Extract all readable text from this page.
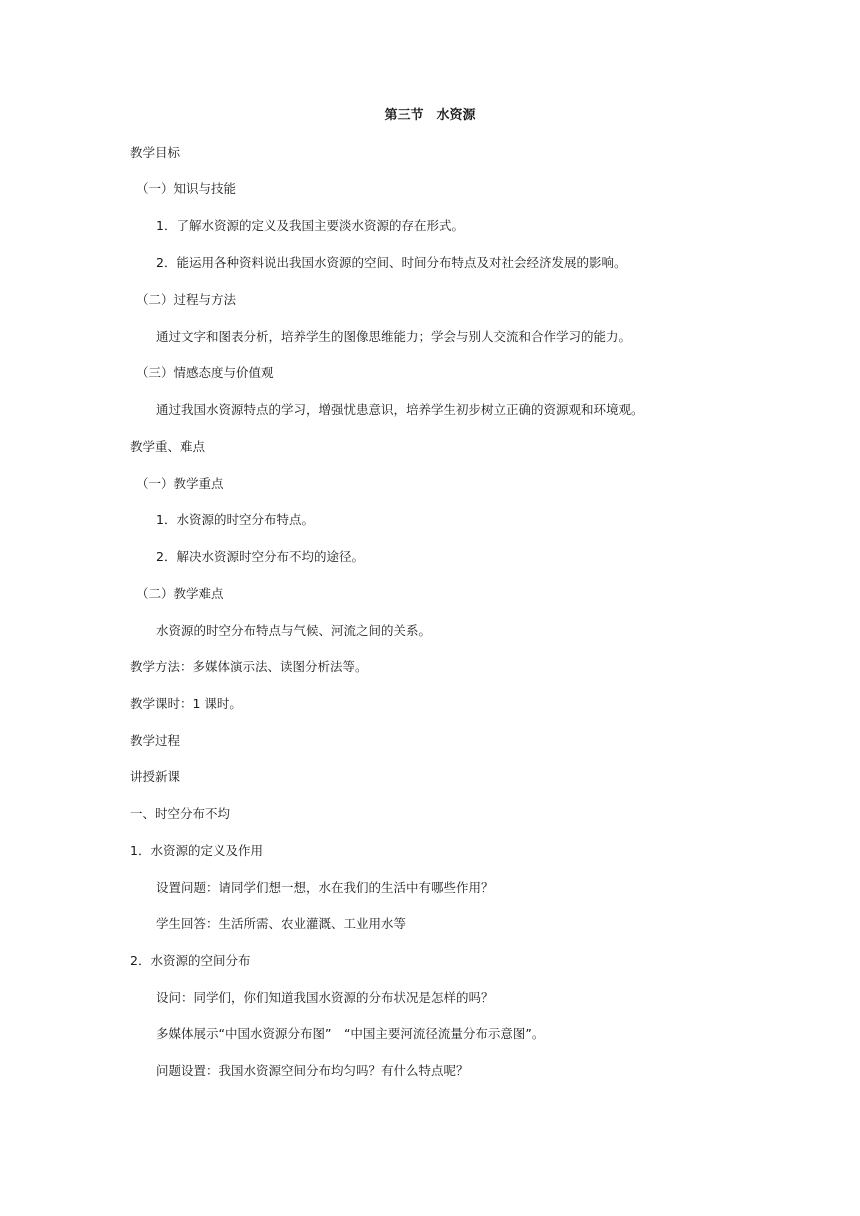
第三节　水资源
教学目标
（一）知识与技能
1．了解水资源的定义及我国主要淡水资源的存在形式。
2．能运用各种资料说出我国水资源的空间、时间分布特点及对社会经济发展的影响。
（二）过程与方法
通过文字和图表分析，培养学生的图像思维能力；学会与别人交流和合作学习的能力。
（三）情感态度与价值观
通过我国水资源特点的学习，增强忧患意识，培养学生初步树立正确的资源观和环境观。
教学重、难点
（一）教学重点
1．水资源的时空分布特点。
2．解决水资源时空分布不均的途径。
（二）教学难点
水资源的时空分布特点与气候、河流之间的关系。
教学方法：多媒体演示法、读图分析法等。
教学课时：1 课时。
教学过程
讲授新课
一、时空分布不均
1．水资源的定义及作用
设置问题：请同学们想一想，水在我们的生活中有哪些作用？
学生回答：生活所需、农业灌溉、工业用水等
2．水资源的空间分布
设问：同学们，你们知道我国水资源的分布状况是怎样的吗？
多媒体展示“中国水资源分布图”　“中国主要河流径流量分布示意图”。
问题设置：我国水资源空间分布均匀吗？有什么特点呢？
